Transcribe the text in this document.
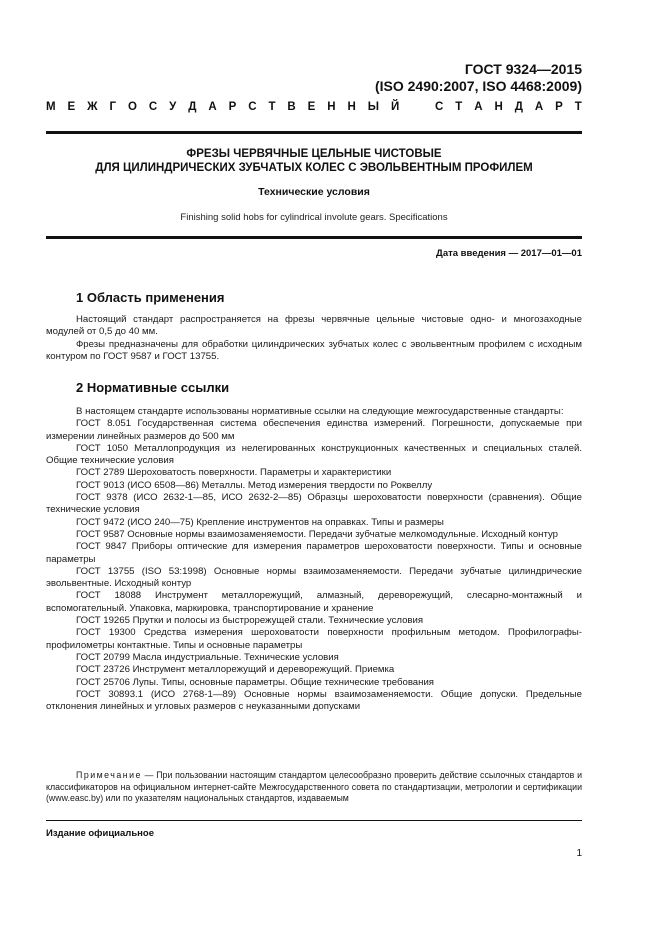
ГОСТ 9324—2015
(ISO 2490:2007, ISO 4468:2009)
М Е Ж Г О С У Д А Р С Т В Е Н Н Ы Й	С Т А Н Д А Р Т
ФРЕЗЫ ЧЕРВЯЧНЫЕ ЦЕЛЬНЫЕ ЧИСТОВЫЕ
ДЛЯ ЦИЛИНДРИЧЕСКИХ ЗУБЧАТЫХ КОЛЕС С ЭВОЛЬВЕНТНЫМ ПРОФИЛЕМ
Технические условия
Finishing solid hobs for cylindrical involute gears. Specifications
Дата введения — 2017—01—01
1 Область применения

Настоящий стандарт распространяется на фрезы червячные цельные чистовые одно- и многозаходные модулей от 0,5 до 40 мм.

Фрезы предназначены для обработки цилиндрических зубчатых колес с эвольвентным профилем с исходным контуром по ГОСТ 9587 и ГОСТ 13755.

2 Нормативные ссылки

В настоящем стандарте использованы нормативные ссылки на следующие межгосударственные стандарты:

ГОСТ 8.051 Государственная система обеспечения единства измерений. Погрешности, допускаемые при измерении линейных размеров до 500 мм

ГОСТ 1050 Металлопродукция из нелегированных конструкционных качественных и специальных сталей. Общие технические условия

ГОСТ 2789 Шероховатость поверхности. Параметры и характеристики

ГОСТ 9013 (ИСО 6508—86) Металлы. Метод измерения твердости по Роквеллу

ГОСТ 9378 (ИСО 2632-1—85, ИСО 2632-2—85) Образцы шероховатости поверхности (сравнения). Общие технические условия

ГОСТ 9472 (ИСО 240—75) Крепление инструментов на оправках. Типы и размеры

ГОСТ 9587 Основные нормы взаимозаменяемости. Передачи зубчатые мелкомодульные. Исходный контур

ГОСТ 9847 Приборы оптические для измерения параметров шероховатости поверхности. Типы и основные параметры

ГОСТ 13755 (ISO 53:1998) Основные нормы взаимозаменяемости. Передачи зубчатые цилиндрические эвольвентные. Исходный контур

ГОСТ 18088 Инструмент металлорежущий, алмазный, дереворежущий, слесарно-монтажный и вспомогательный. Упаковка, маркировка, транспортирование и хранение

ГОСТ 19265 Прутки и полосы из быстрорежущей стали. Технические условия

ГОСТ 19300 Средства измерения шероховатости поверхности профильным методом. Профилографы-профилометры контактные. Типы и основные параметры

ГОСТ 20799 Масла индустриальные. Технические условия

ГОСТ 23726 Инструмент металлорежущий и дереворежущий. Приемка

ГОСТ 25706 Лупы. Типы, основные параметры. Общие технические требования

ГОСТ 30893.1 (ИСО 2768-1—89) Основные нормы взаимозаменяемости. Общие допуски. Предельные отклонения линейных и угловых размеров с неуказанными допусками

Примечание — При пользовании настоящим стандартом целесообразно проверить действие ссылочных стандартов и классификаторов на официальном интернет-сайте Межгосударственного совета по стандартизации, метрологии и сертификации (www.easc.by) или по указателям национальных стандартов, издаваемым
Издание официальное
1
